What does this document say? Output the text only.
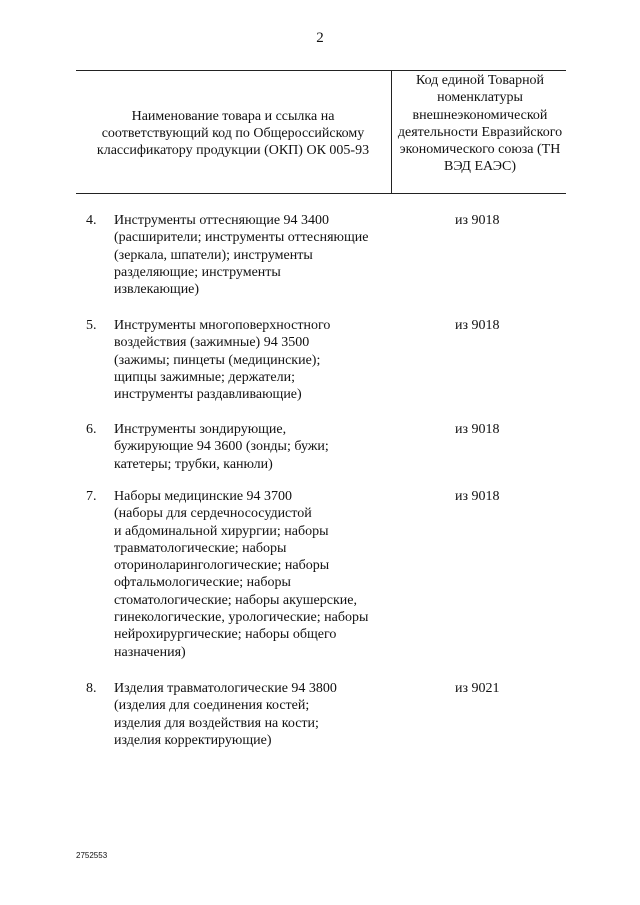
2
Наименование товара и ссылка на соответствующий код по Общероссийскому классификатору продукции (ОКП) ОК 005-93
Код единой Товарной номенклатуры внешнеэкономической деятельности Евразийского экономического союза (ТН ВЭД ЕАЭС)
4. Инструменты оттесняющие 94 3400
(расширители; инструменты оттесняющие
(зеркала, шпатели); инструменты
разделяющие; инструменты
извлекающие)
из 9018
5. Инструменты многоповерхностного
воздействия (зажимные) 94 3500
(зажимы; пинцеты (медицинские);
щипцы зажимные; держатели;
инструменты раздавливающие)
из 9018
6. Инструменты зондирующие,
бужирующие 94 3600 (зонды; бужи;
катетеры; трубки, канюли)
из 9018
7. Наборы медицинские 94 3700
(наборы для сердечнососудистой
и абдоминальной хирургии; наборы
травматологические; наборы
оториноларингологические; наборы
офтальмологические; наборы
стоматологические; наборы акушерские,
гинекологические, урологические; наборы
нейрохирургические; наборы общего
назначения)
из 9018
8. Изделия травматологические 94 3800
(изделия для соединения костей;
изделия для воздействия на кости;
изделия корректирующие)
из 9021
2752553
